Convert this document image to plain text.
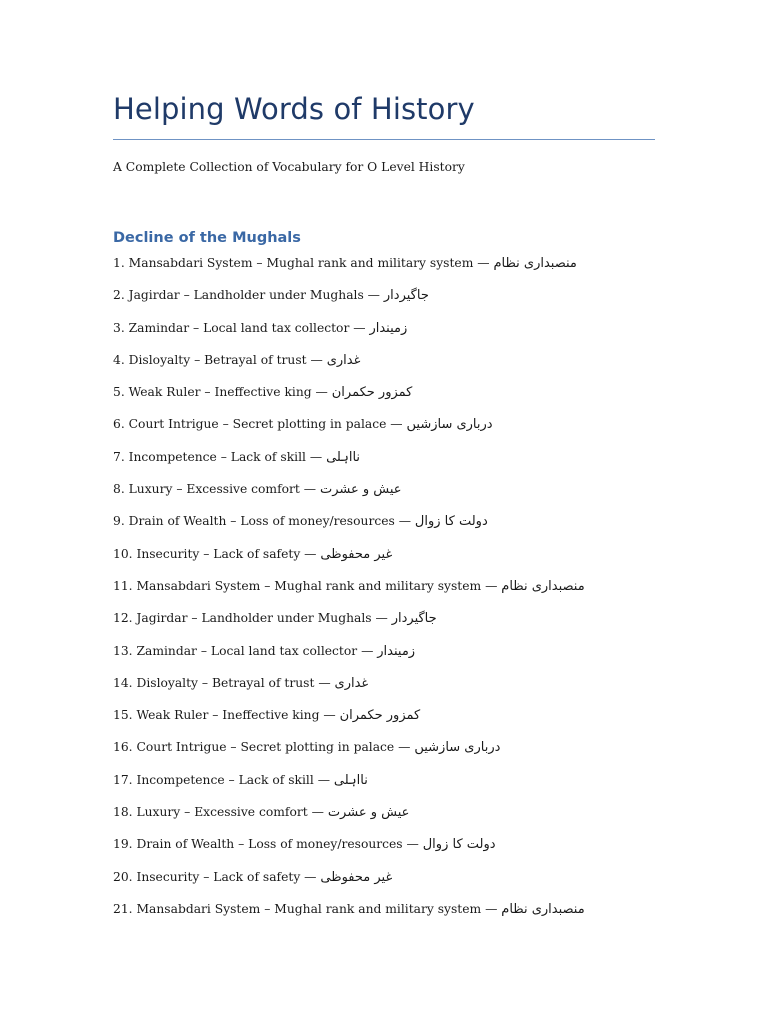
Helping Words of History

A Complete Collection of Vocabulary for O Level History

Decline of the Mughals
1. Mansabdari System – Mughal rank and military system — منصبداری نظام
2. Jagirdar – Landholder under Mughals — جاگیردار
3. Zamindar – Local land tax collector — زمیندار
4. Disloyalty – Betrayal of trust — غداری
5. Weak Ruler – Ineffective king — کمزور حکمران
6. Court Intrigue – Secret plotting in palace — درباری سازشیں
7. Incompetence – Lack of skill — نااہلی
8. Luxury – Excessive comfort — عیش و عشرت
9. Drain of Wealth – Loss of money/resources — دولت کا زوال
10. Insecurity – Lack of safety — غیر محفوظی
11. Mansabdari System – Mughal rank and military system — منصبداری نظام
12. Jagirdar – Landholder under Mughals — جاگیردار
13. Zamindar – Local land tax collector — زمیندار
14. Disloyalty – Betrayal of trust — غداری
15. Weak Ruler – Ineffective king — کمزور حکمران
16. Court Intrigue – Secret plotting in palace — درباری سازشیں
17. Incompetence – Lack of skill — نااہلی
18. Luxury – Excessive comfort — عیش و عشرت
19. Drain of Wealth – Loss of money/resources — دولت کا زوال
20. Insecurity – Lack of safety — غیر محفوظی
21. Mansabdari System – Mughal rank and military system — منصبداری نظام
